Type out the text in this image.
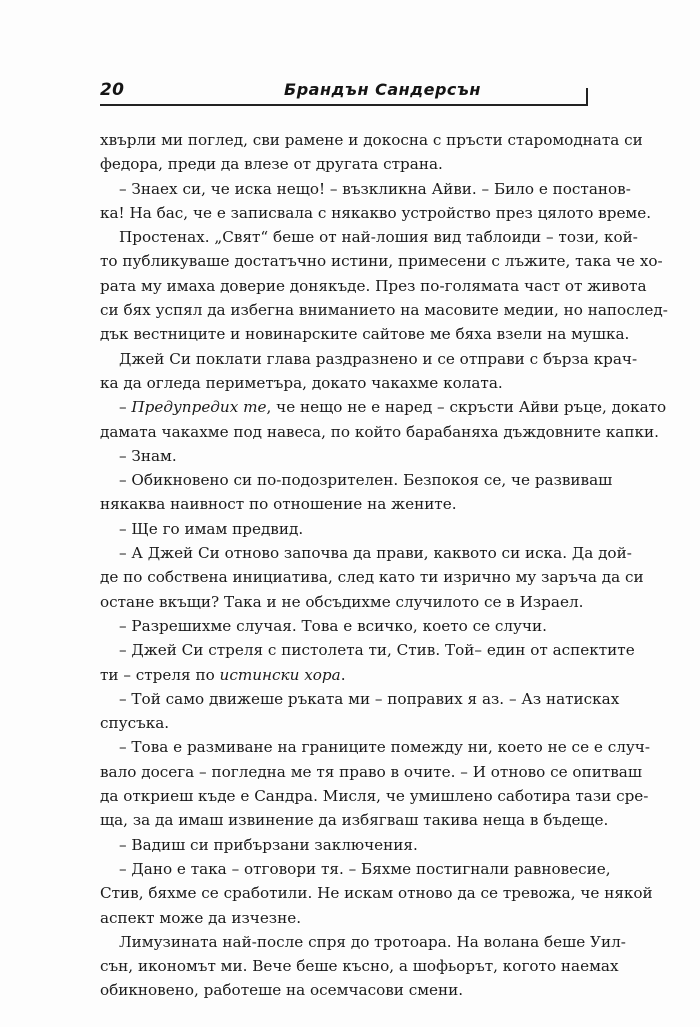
20	Брандън Сандерсън
хвърли ми поглед, сви рамене и докосна с пръсти старомодната си
федора, преди да влезе от другата страна.
– Знаех си, че иска нещо! – възкликна Айви. – Било е постанов-
ка! На бас, че е записвала с някакво устройство през цялото време.
Простенах. „Свят“ беше от най-лошия вид таблоиди – този, кой-
то публикуваше достатъчно истини, примесени с лъжите, така че хо-
рата му имаха доверие донякъде. През по-голямата част от живота
си бях успял да избегна вниманието на масовите медии, но напослед-
дък вестниците и новинарските сайтове ме бяха взели на мушка.
Джей Си поклати глава раздразнено и се отправи с бърза крач-
ка да огледа периметъра, докато чакахме колата.
– Предупредих те, че нещо не е наред – скръсти Айви ръце, докато
дамата чакахме под навеса, по който барабаняха дъждовните капки.
– Знам.
– Обикновено си по-подозрителен. Безпокоя се, че развиваш
някаква наивност по отношение на жените.
– Ще го имам предвид.
– А Джей Си отново започва да прави, каквото си иска. Да дой-
де по собствена инициатива, след като ти изрично му заръча да си
остане вкъщи? Така и не обсъдихме случилото се в Израел.
– Разрешихме случая. Това е всичко, което се случи.
– Джей Си стреля с пистолета ти, Стив. Той– един от аспектите
ти – стреля по истински хора.
– Той само движеше ръката ми – поправих я аз. – Аз натисках
спусъка.
– Това е размиване на границите помежду ни, което не се е случ-
вало досега – погледна ме тя право в очите. – И отново се опитваш
да откриеш къде е Сандра. Мисля, че умишлено саботира тази сре-
ща, за да имаш извинение да избягваш такива неща в бъдеще.
– Вадиш си прибързани заключения.
– Дано е така – отговори тя. – Бяхме постигнали равновесие,
Стив, бяхме се сработили. Не искам отново да се тревожа, че някой
аспект може да изчезне.
Лимузината най-после спря до тротоара. На волана беше Уил-
сън, икономът ми. Вече беше късно, а шофьорът, когото наемах
обикновено, работеше на осемчасови смени.
